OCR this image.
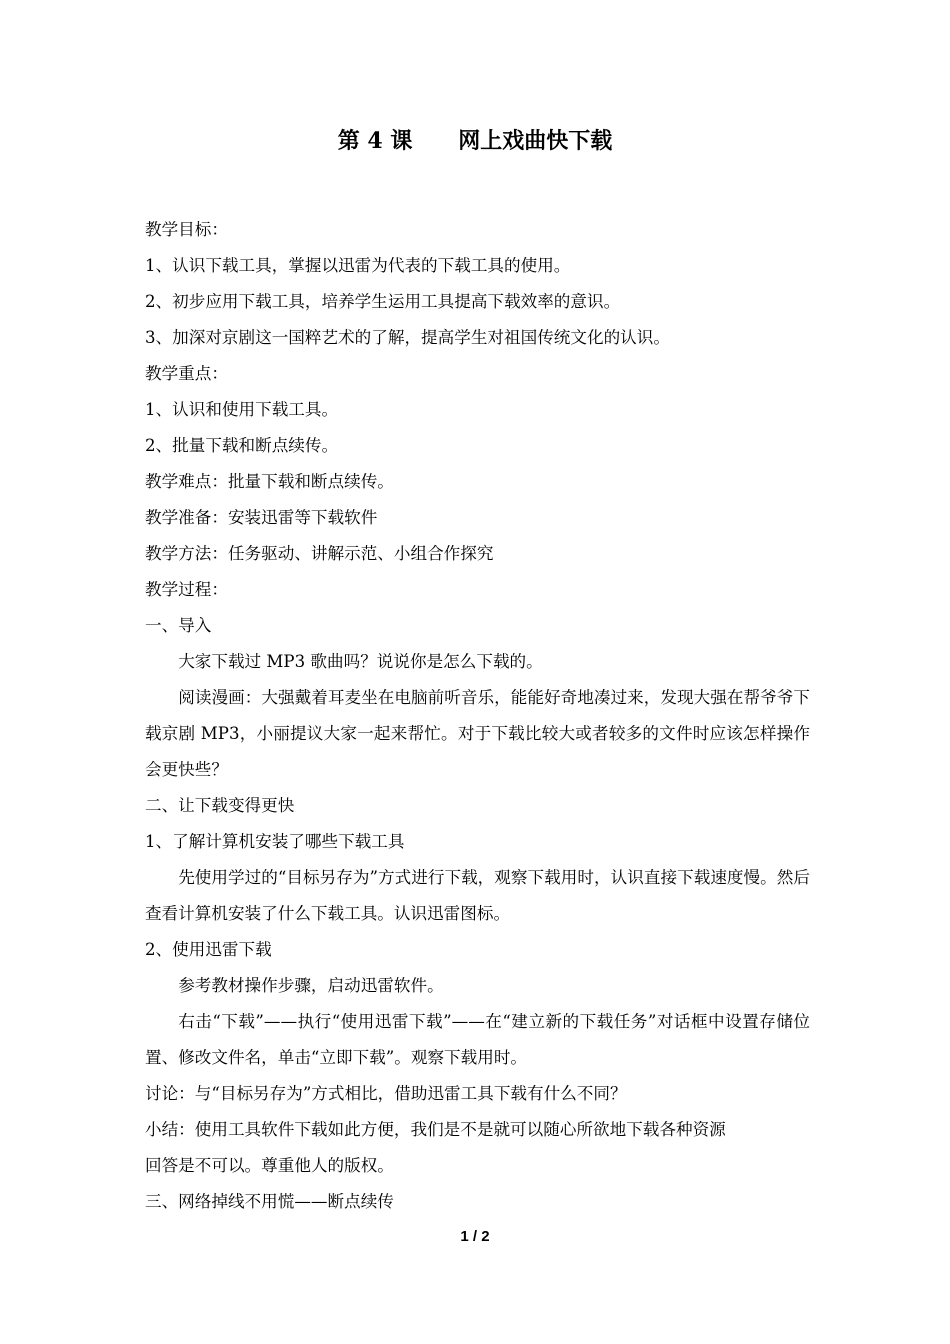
第 4 课      网上戏曲快下载

教学目标：

1、认识下载工具，掌握以迅雷为代表的下载工具的使用。

2、初步应用下载工具，培养学生运用工具提高下载效率的意识。

3、加深对京剧这一国粹艺术的了解，提高学生对祖国传统文化的认识。

教学重点：

1、认识和使用下载工具。

2、批量下载和断点续传。

教学难点：批量下载和断点续传。

教学准备：安装迅雷等下载软件

教学方法：任务驱动、讲解示范、小组合作探究

教学过程：

一、导入

大家下载过 MP3 歌曲吗？说说你是怎么下载的。

阅读漫画：大强戴着耳麦坐在电脑前听音乐，能能好奇地凑过来，发现大强在帮爷爷下载京剧 MP3，小丽提议大家一起来帮忙。对于下载比较大或者较多的文件时应该怎样操作会更快些？

二、让下载变得更快

1、了解计算机安装了哪些下载工具

先使用学过的“目标另存为”方式进行下载，观察下载用时，认识直接下载速度慢。然后查看计算机安装了什么下载工具。认识迅雷图标。

2、使用迅雷下载

参考教材操作步骤，启动迅雷软件。

右击“下载”——执行“使用迅雷下载”——在“建立新的下载任务”对话框中设置存储位置、修改文件名，单击“立即下载”。观察下载用时。

讨论：与“目标另存为”方式相比，借助迅雷工具下载有什么不同？

小结：使用工具软件下载如此方便，我们是不是就可以随心所欲地下载各种资源

回答是不可以。尊重他人的版权。

三、网络掉线不用慌——断点续传

1 / 2
